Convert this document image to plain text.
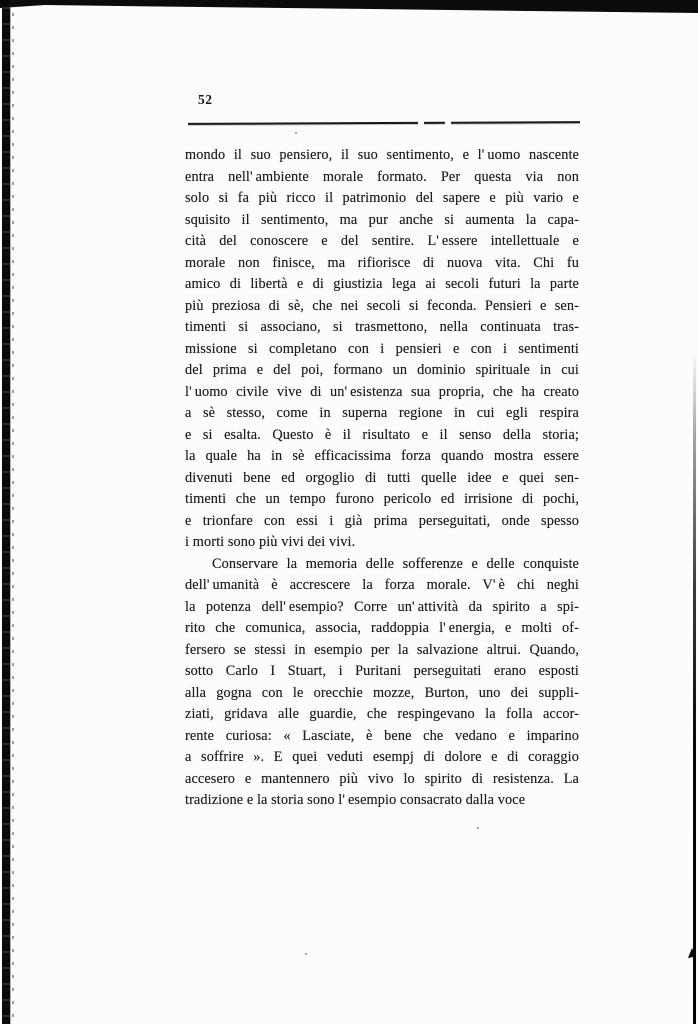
52
mondo il suo pensiero, il suo sentimento, e l' uomo nascente
entra nell' ambiente morale formato. Per questa via non
solo si fa più ricco il patrimonio del sapere e più vario e
squisito il sentimento, ma pur anche si aumenta la capa-
cità del conoscere e del sentire. L' essere intellettuale e
morale non finisce, ma rifiorisce di nuova vita. Chi fu
amico di libertà e di giustizia lega ai secoli futuri la parte
più preziosa di sè, che nei secoli si feconda. Pensieri e sen-
timenti si associano, si trasmettono, nella continuata tras-
missione si completano con i pensieri e con i sentimenti
del prima e del poi, formano un dominio spirituale in cui
l' uomo civile vive di un' esistenza sua propria, che ha creato
a sè stesso, come in superna regione in cui egli respira
e si esalta. Questo è il risultato e il senso della storia;
la quale ha in sè efficacissima forza quando mostra essere
divenuti bene ed orgoglio di tutti quelle idee e quei sen-
timenti che un tempo furono pericolo ed irrisione di pochi,
e trionfare con essi i già prima perseguitati, onde spesso
i morti sono più vivi dei vivi.
Conservare la memoria delle sofferenze e delle conquiste
dell' umanità è accrescere la forza morale. V' è chi neghi
la potenza dell' esempio? Corre un' attività da spirito a spi-
rito che comunica, associa, raddoppia l' energia, e molti of-
fersero se stessi in esempio per la salvazione altrui. Quando,
sotto Carlo I Stuart, i Puritani perseguitati erano esposti
alla gogna con le orecchie mozze, Burton, uno dei suppli-
ziati, gridava alle guardie, che respingevano la folla accor-
rente curiosa: « Lasciate, è bene che vedano e imparino
a soffrire ». E quei veduti esempj di dolore e di coraggio
accesero e mantennero più vivo lo spirito di resistenza. La
tradizione e la storia sono l' esempio consacrato dalla voce
